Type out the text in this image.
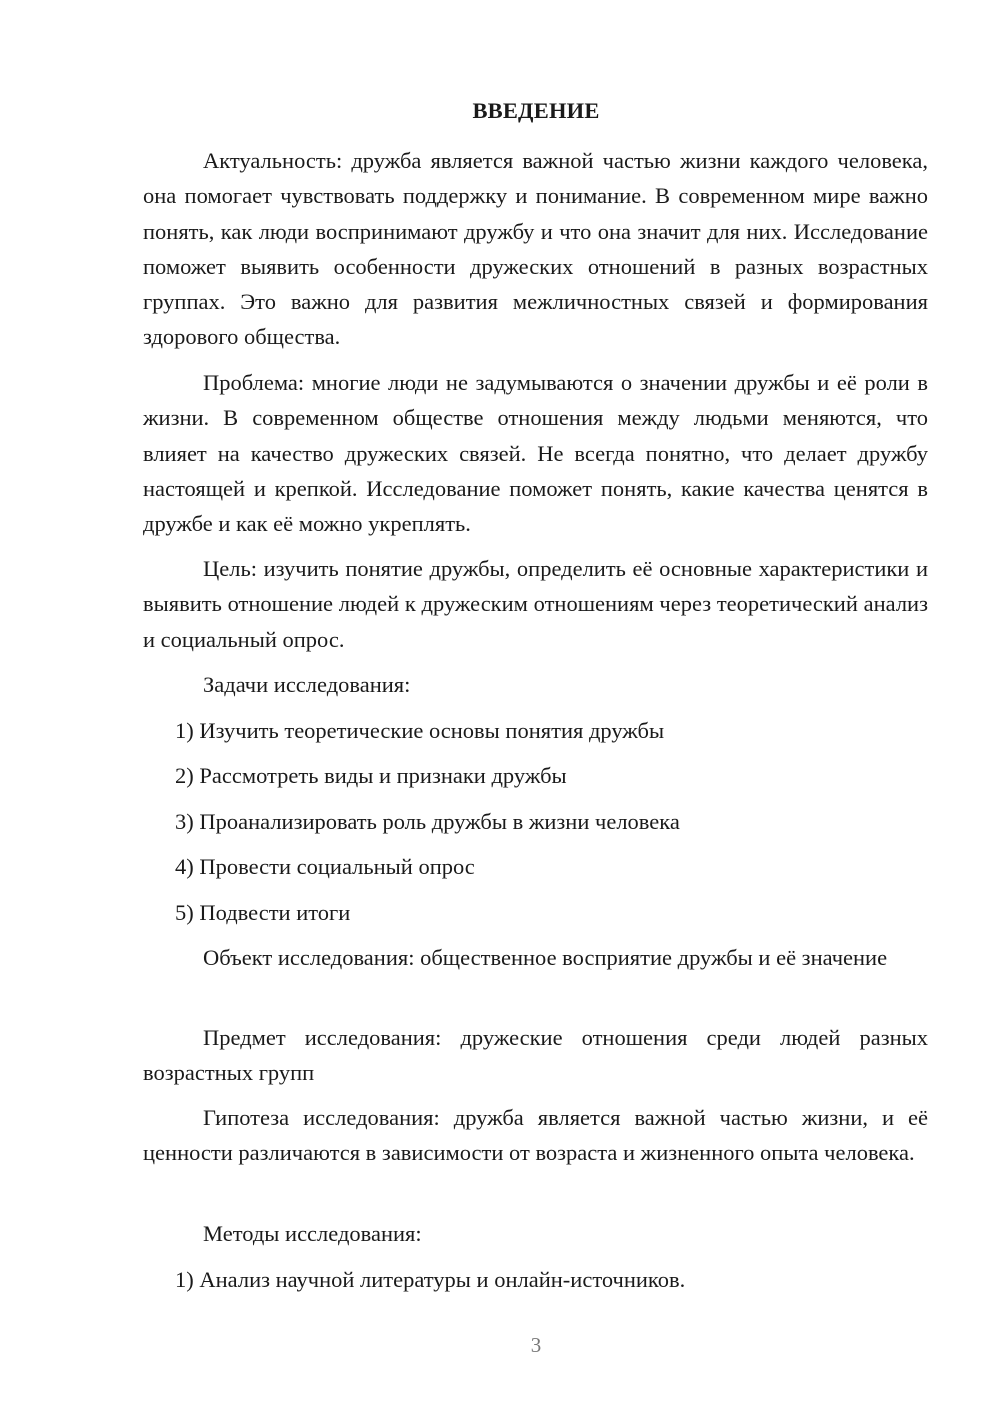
ВВЕДЕНИЕ

Актуальность: дружба является важной частью жизни каждого человека, она помогает чувствовать поддержку и понимание. В современном мире важно понять, как люди воспринимают дружбу и что она значит для них. Исследование поможет выявить особенности дружеских отношений в разных возрастных группах. Это важно для развития межличностных связей и формирования здорового общества.

Проблема: многие люди не задумываются о значении дружбы и её роли в жизни. В современном обществе отношения между людьми меняются, что влияет на качество дружеских связей. Не всегда понятно, что делает дружбу настоящей и крепкой. Исследование поможет понять, какие качества ценятся в дружбе и как её можно укреплять.

Цель: изучить понятие дружбы, определить её основные характеристики и выявить отношение людей к дружеским отношениям через теоретический анализ и социальный опрос.

Задачи исследования:

1) Изучить теоретические основы понятия дружбы

2) Рассмотреть виды и признаки дружбы

3) Проанализировать роль дружбы в жизни человека

4) Провести социальный опрос

5) Подвести итоги

Объект исследования: общественное восприятие дружбы и её значение

Предмет исследования: дружеские отношения среди людей разных возрастных групп

Гипотеза исследования: дружба является важной частью жизни, и её ценности различаются в зависимости от возраста и жизненного опыта человека.

Методы исследования:

1) Анализ научной литературы и онлайн-источников.

3
